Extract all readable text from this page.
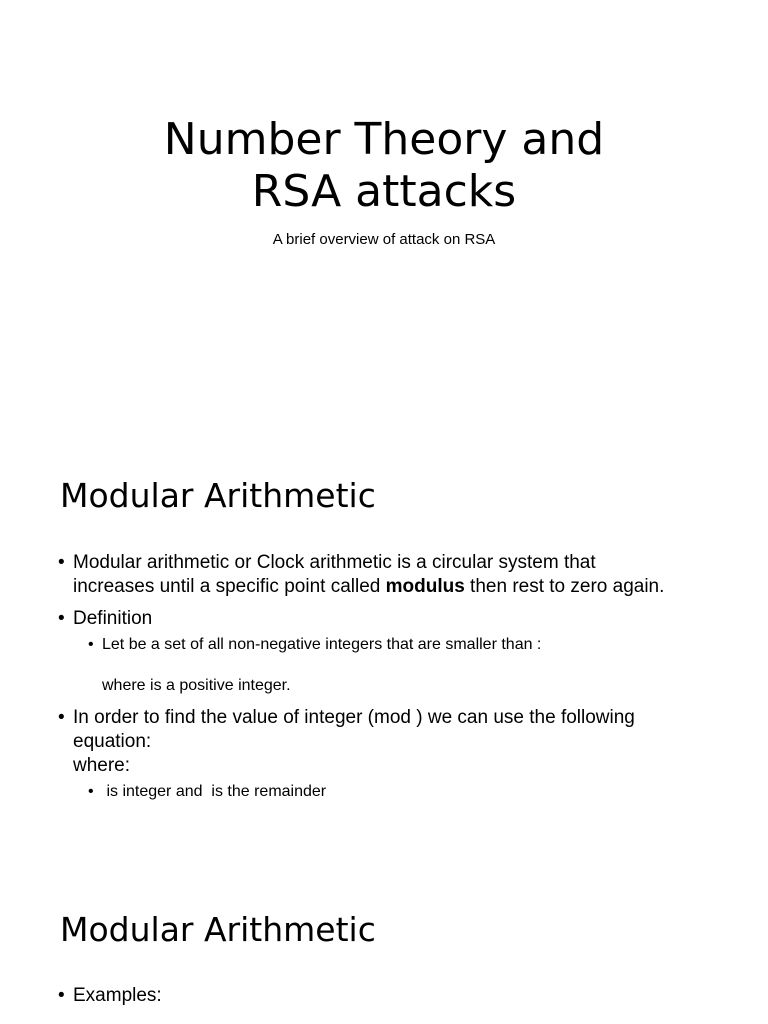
Number Theory and
RSA attacks

A brief overview of attack on RSA

Modular Arithmetic
• Modular arithmetic or Clock arithmetic is a circular system that
increases until a specific point called modulus then rest to zero again.
• Definition
• Let be a set of all non-negative integers that are smaller than :
where is a positive integer.
• In order to find the value of integer (mod ) we can use the following
equation:
where:
• is integer and  is the remainder
Modular Arithmetic
• Examples:
